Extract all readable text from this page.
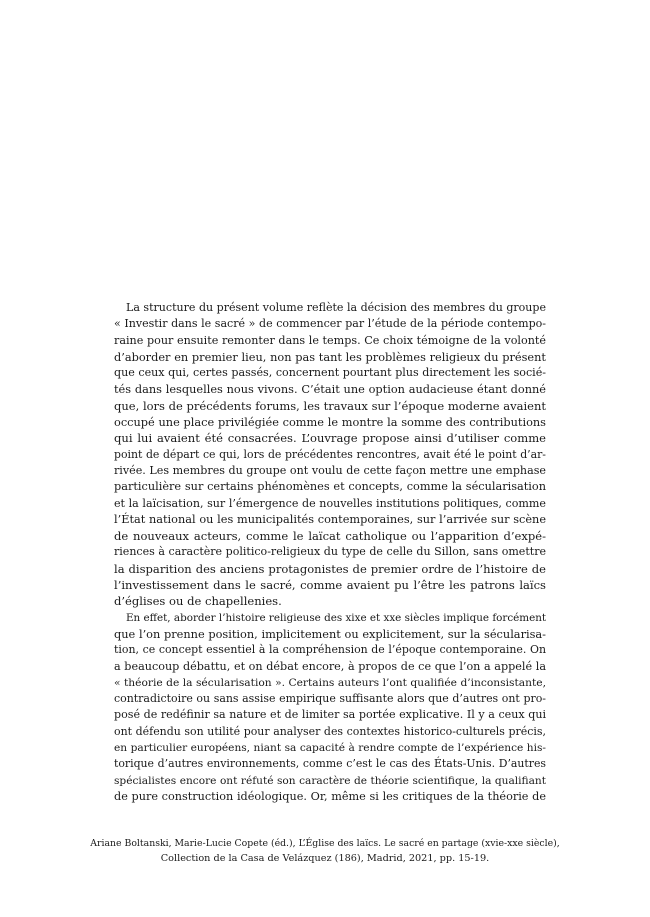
La structure du présent volume reflète la décision des membres du groupe
« Investir dans le sacré » de commencer par l’étude de la période contempo-
raine pour ensuite remonter dans le temps. Ce choix témoigne de la volonté
d’aborder en premier lieu, non pas tant les problèmes religieux du présent
que ceux qui, certes passés, concernent pourtant plus directement les socié-
tés dans lesquelles nous vivons. C’était une option audacieuse étant donné
que, lors de précédents forums, les travaux sur l’époque moderne avaient
occupé une place privilégiée comme le montre la somme des contributions
qui lui avaient été consacrées. L’ouvrage propose ainsi d’utiliser comme
point de départ ce qui, lors de précédentes rencontres, avait été le point d’ar-
rivée. Les membres du groupe ont voulu de cette façon mettre une emphase
particulière sur certains phénomènes et concepts, comme la sécularisation
et la laïcisation, sur l’émergence de nouvelles institutions politiques, comme
l’État national ou les municipalités contemporaines, sur l’arrivée sur scène
de nouveaux acteurs, comme le laïcat catholique ou l’apparition d’expé-
riences à caractère politico-religieux du type de celle du Sillon, sans omettre
la disparition des anciens protagonistes de premier ordre de l’histoire de
l’investissement dans le sacré, comme avaient pu l’être les patrons laïcs
d’églises ou de chapellenies.
En effet, aborder l’histoire religieuse des xixe et xxe siècles implique forcément
que l’on prenne position, implicitement ou explicitement, sur la sécularisa-
tion, ce concept essentiel à la compréhension de l’époque contemporaine. On
a beaucoup débattu, et on débat encore, à propos de ce que l’on a appelé la
« théorie de la sécularisation ». Certains auteurs l’ont qualifiée d’inconsistante,
contradictoire ou sans assise empirique suffisante alors que d’autres ont pro-
posé de redéfinir sa nature et de limiter sa portée explicative. Il y a ceux qui
ont défendu son utilité pour analyser des contextes historico-culturels précis,
en particulier européens, niant sa capacité à rendre compte de l’expérience his-
torique d’autres environnements, comme c’est le cas des États-Unis. D’autres
spécialistes encore ont réfuté son caractère de théorie scientifique, la qualifiant
de pure construction idéologique. Or, même si les critiques de la théorie de
Ariane Boltanski, Marie-Lucie Copete (éd.), L’Église des laïcs. Le sacré en partage (xvie-xxe siècle),
Collection de la Casa de Velázquez (186), Madrid, 2021, pp. 15-19.
